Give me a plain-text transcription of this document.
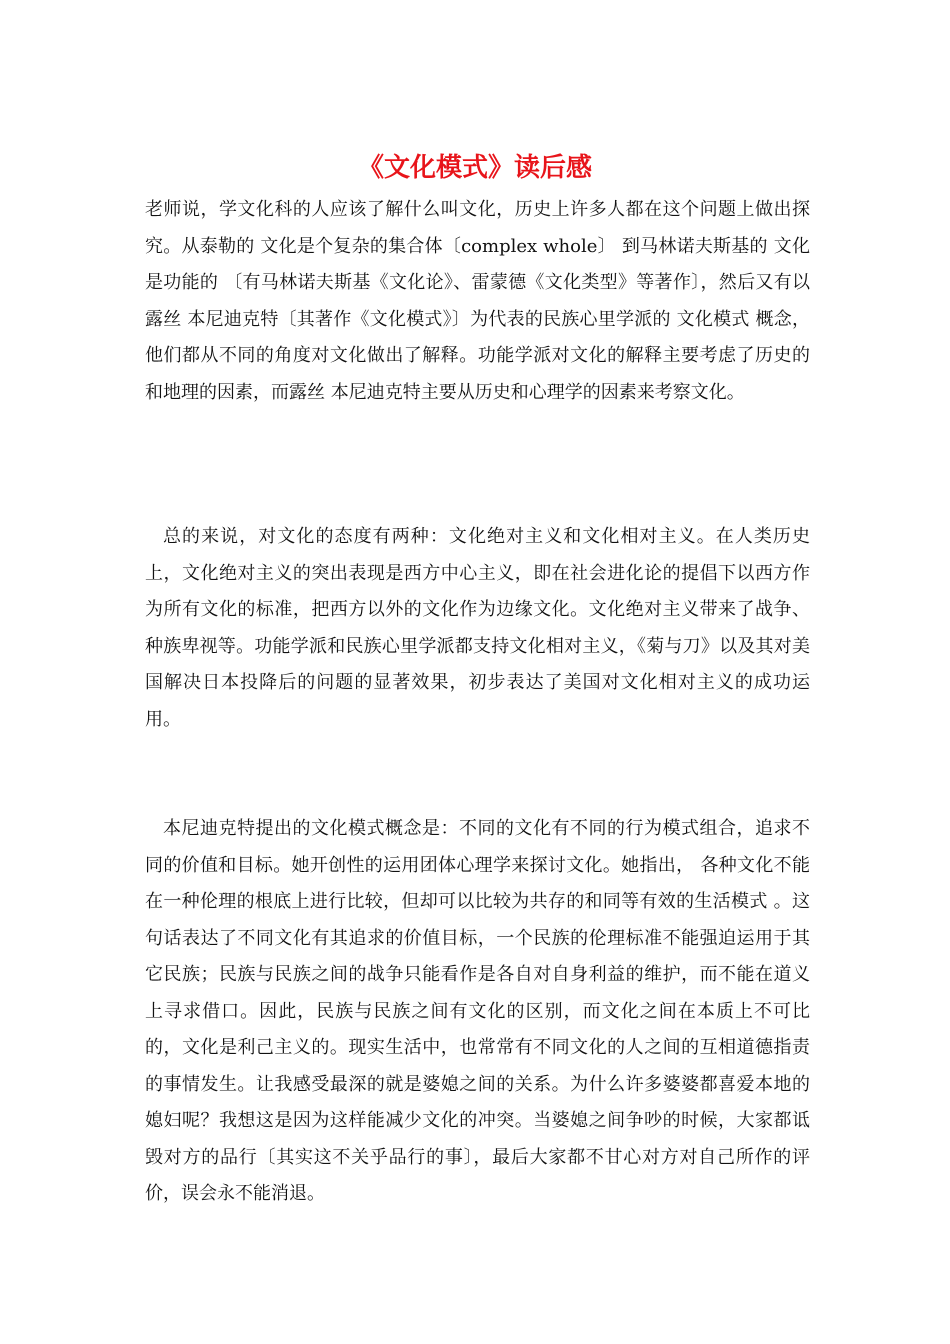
《文化模式》读后感

老师说，学文化科的人应该了解什么叫文化，历史上许多人都在这个问题上做出探究。从泰勒的 文化是个复杂的集合体〔complex whole〕 到马林诺夫斯基的 文化是功能的 〔有马林诺夫斯基《文化论》、雷蒙德《文化类型》等著作〕，然后又有以露丝 本尼迪克特〔其著作《文化模式》〕为代表的民族心里学派的 文化模式 概念，他们都从不同的角度对文化做出了解释。功能学派对文化的解释主要考虑了历史的和地理的因素，而露丝 本尼迪克特主要从历史和心理学的因素来考察文化。

总的来说，对文化的态度有两种：文化绝对主义和文化相对主义。在人类历史上，文化绝对主义的突出表现是西方中心主义，即在社会进化论的提倡下以西方作为所有文化的标准，把西方以外的文化作为边缘文化。文化绝对主义带来了战争、种族卑视等。功能学派和民族心里学派都支持文化相对主义，《菊与刀》以及其对美国解决日本投降后的问题的显著效果，初步表达了美国对文化相对主义的成功运用。

本尼迪克特提出的文化模式概念是：不同的文化有不同的行为模式组合，追求不同的价值和目标。她开创性的运用团体心理学来探讨文化。她指出， 各种文化不能在一种伦理的根底上进行比较，但却可以比较为共存的和同等有效的生活模式 。这句话表达了不同文化有其追求的价值目标，一个民族的伦理标准不能强迫运用于其它民族；民族与民族之间的战争只能看作是各自对自身利益的维护，而不能在道义上寻求借口。因此，民族与民族之间有文化的区别，而文化之间在本质上不可比的，文化是利己主义的。现实生活中，也常常有不同文化的人之间的互相道德指责的事情发生。让我感受最深的就是婆媳之间的关系。为什么许多婆婆都喜爱本地的媳妇呢？我想这是因为这样能减少文化的冲突。当婆媳之间争吵的时候，大家都诋毁对方的品行〔其实这不关乎品行的事〕，最后大家都不甘心对方对自己所作的评价，误会永不能消退。
